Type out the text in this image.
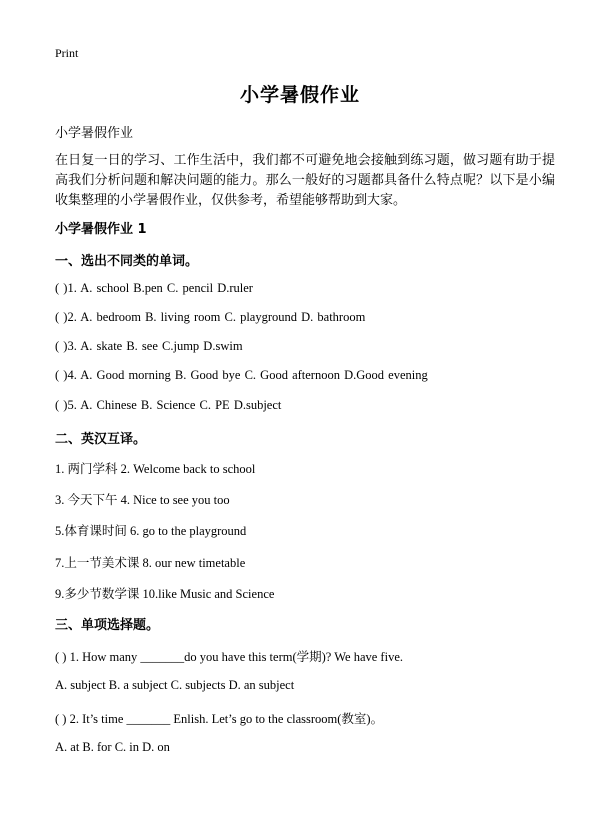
Print
小学暑假作业
小学暑假作业
在日复一日的学习、工作生活中，我们都不可避免地会接触到练习题，做习题有助于提高我们分析问题和解决问题的能力。那么一般好的习题都具备什么特点呢？以下是小编收集整理的小学暑假作业，仅供参考，希望能够帮助到大家。
小学暑假作业 1
一、选出不同类的单词。
( )1. A. school B.pen C. pencil D.ruler
( )2. A. bedroom B. living room C. playground D. bathroom
( )3. A. skate B. see C.jump D.swim
( )4. A. Good morning B. Good bye C. Good afternoon D.Good evening
( )5. A. Chinese B. Science C. PE D.subject
二、英汉互译。
1. 两门学科 2. Welcome back to school
3. 今天下午 4. Nice to see you too
5.体育课时间 6. go to the playground
7.上一节美术课 8. our new timetable
9.多少节数学课 10.like Music and Science
三、单项选择题。
( ) 1. How many _______do you have this term(学期)? We have five.
A. subject B. a subject C. subjects D. an subject
( ) 2. It’s time _______ Enlish. Let’s go to the classroom(教室)。
A. at B. for C. in D. on
